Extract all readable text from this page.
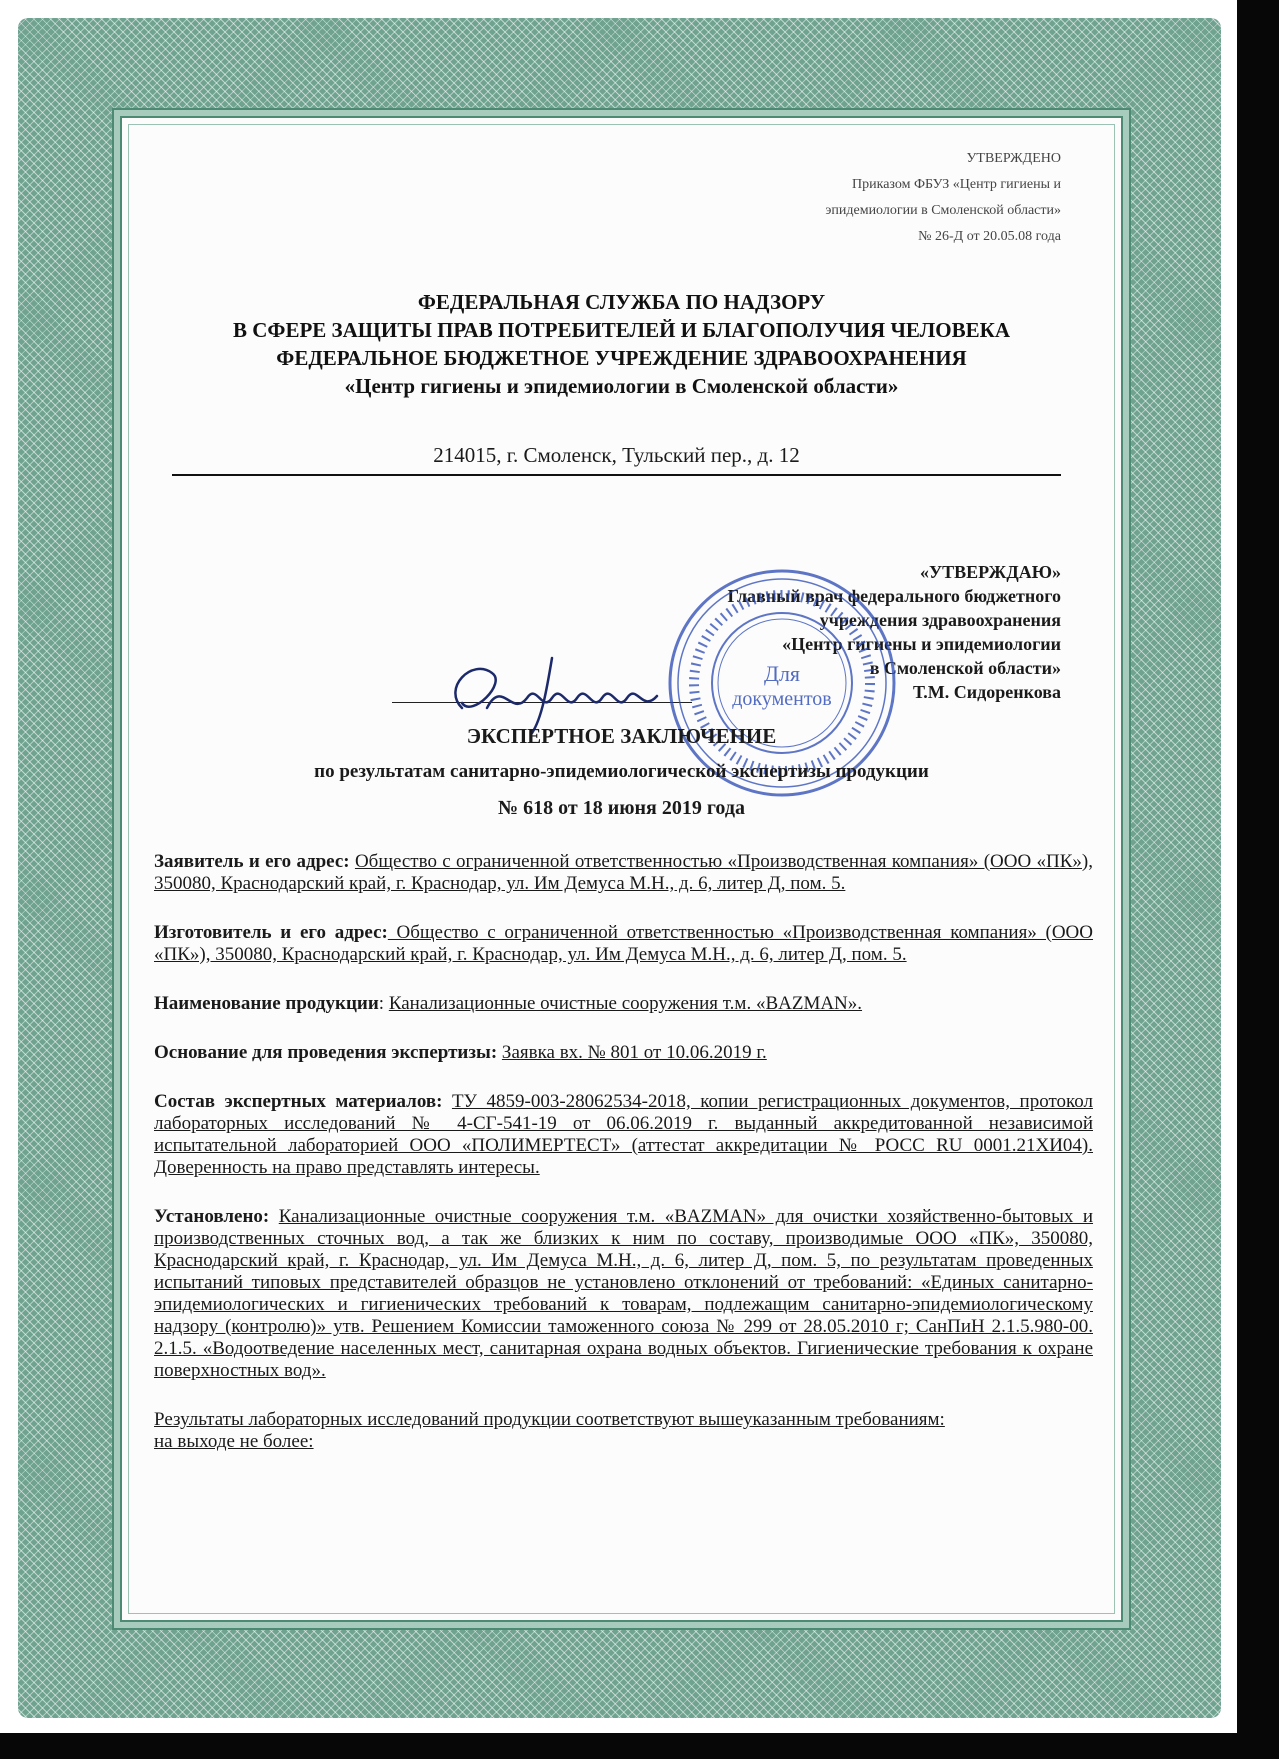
УТВЕРЖДЕНО
Приказом ФБУЗ «Центр гигиены и
эпидемиологии в Смоленской области»
№ 26-Д от 20.05.08 года
ФЕДЕРАЛЬНАЯ СЛУЖБА ПО НАДЗОРУ
В СФЕРЕ ЗАЩИТЫ ПРАВ ПОТРЕБИТЕЛЕЙ И БЛАГОПОЛУЧИЯ ЧЕЛОВЕКА
ФЕДЕРАЛЬНОЕ БЮДЖЕТНОЕ УЧРЕЖДЕНИЕ ЗДРАВООХРАНЕНИЯ
«Центр гигиены и эпидемиологии в Смоленской области»
214015, г. Смоленск, Тульский пер., д. 12
«УТВЕРЖДАЮ»
Главный врач федерального бюджетного
учреждения здравоохранения
«Центр гигиены и эпидемиологии
в Смоленской области»
Т.М. Сидоренкова
Для
документов
ЭКСПЕРТНОЕ ЗАКЛЮЧЕНИЕ
по результатам санитарно-эпидемиологической экспертизы продукции
№ 618 от 18 июня 2019 года

Заявитель и его адрес: Общество с ограниченной ответственностью «Производственная компания» (ООО «ПК»), 350080, Краснодарский край, г. Краснодар, ул. Им Демуса М.Н., д. 6, литер Д, пом. 5.

Изготовитель и его адрес: Общество с ограниченной ответственностью «Производственная компания» (ООО «ПК»), 350080, Краснодарский край, г. Краснодар, ул. Им Демуса М.Н., д. 6, литер Д, пом. 5.

Наименование продукции: Канализационные очистные сооружения т.м. «BAZMAN».

Основание для проведения экспертизы: Заявка вх. № 801 от 10.06.2019 г.

Состав экспертных материалов: ТУ 4859-003-28062534-2018, копии регистрационных документов, протокол лабораторных исследований № 4-СГ-541-19 от 06.06.2019 г. выданный аккредитованной независимой испытательной лабораторией ООО «ПОЛИМЕРТЕСТ» (аттестат аккредитации № РОСС RU 0001.21ХИ04). Доверенность на право представлять интересы.

Установлено: Канализационные очистные сооружения т.м. «BAZMAN» для очистки хозяйственно-бытовых и производственных сточных вод, а так же близких к ним по составу, производимые ООО «ПК», 350080, Краснодарский край, г. Краснодар, ул. Им Демуса М.Н., д. 6, литер Д, пом. 5, по результатам проведенных испытаний типовых представителей образцов не установлено отклонений от требований: «Единых санитарно-эпидемиологических и гигиенических требований к товарам, подлежащим санитарно-эпидемиологическому надзору (контролю)» утв. Решением Комиссии таможенного союза № 299 от 28.05.2010 г; СанПиН 2.1.5.980-00. 2.1.5. «Водоотведение населенных мест, санитарная охрана водных объектов. Гигиенические требования к охране поверхностных вод».

Результаты лабораторных исследований продукции соответствуют вышеуказанным требованиям:
на выходе не более:
